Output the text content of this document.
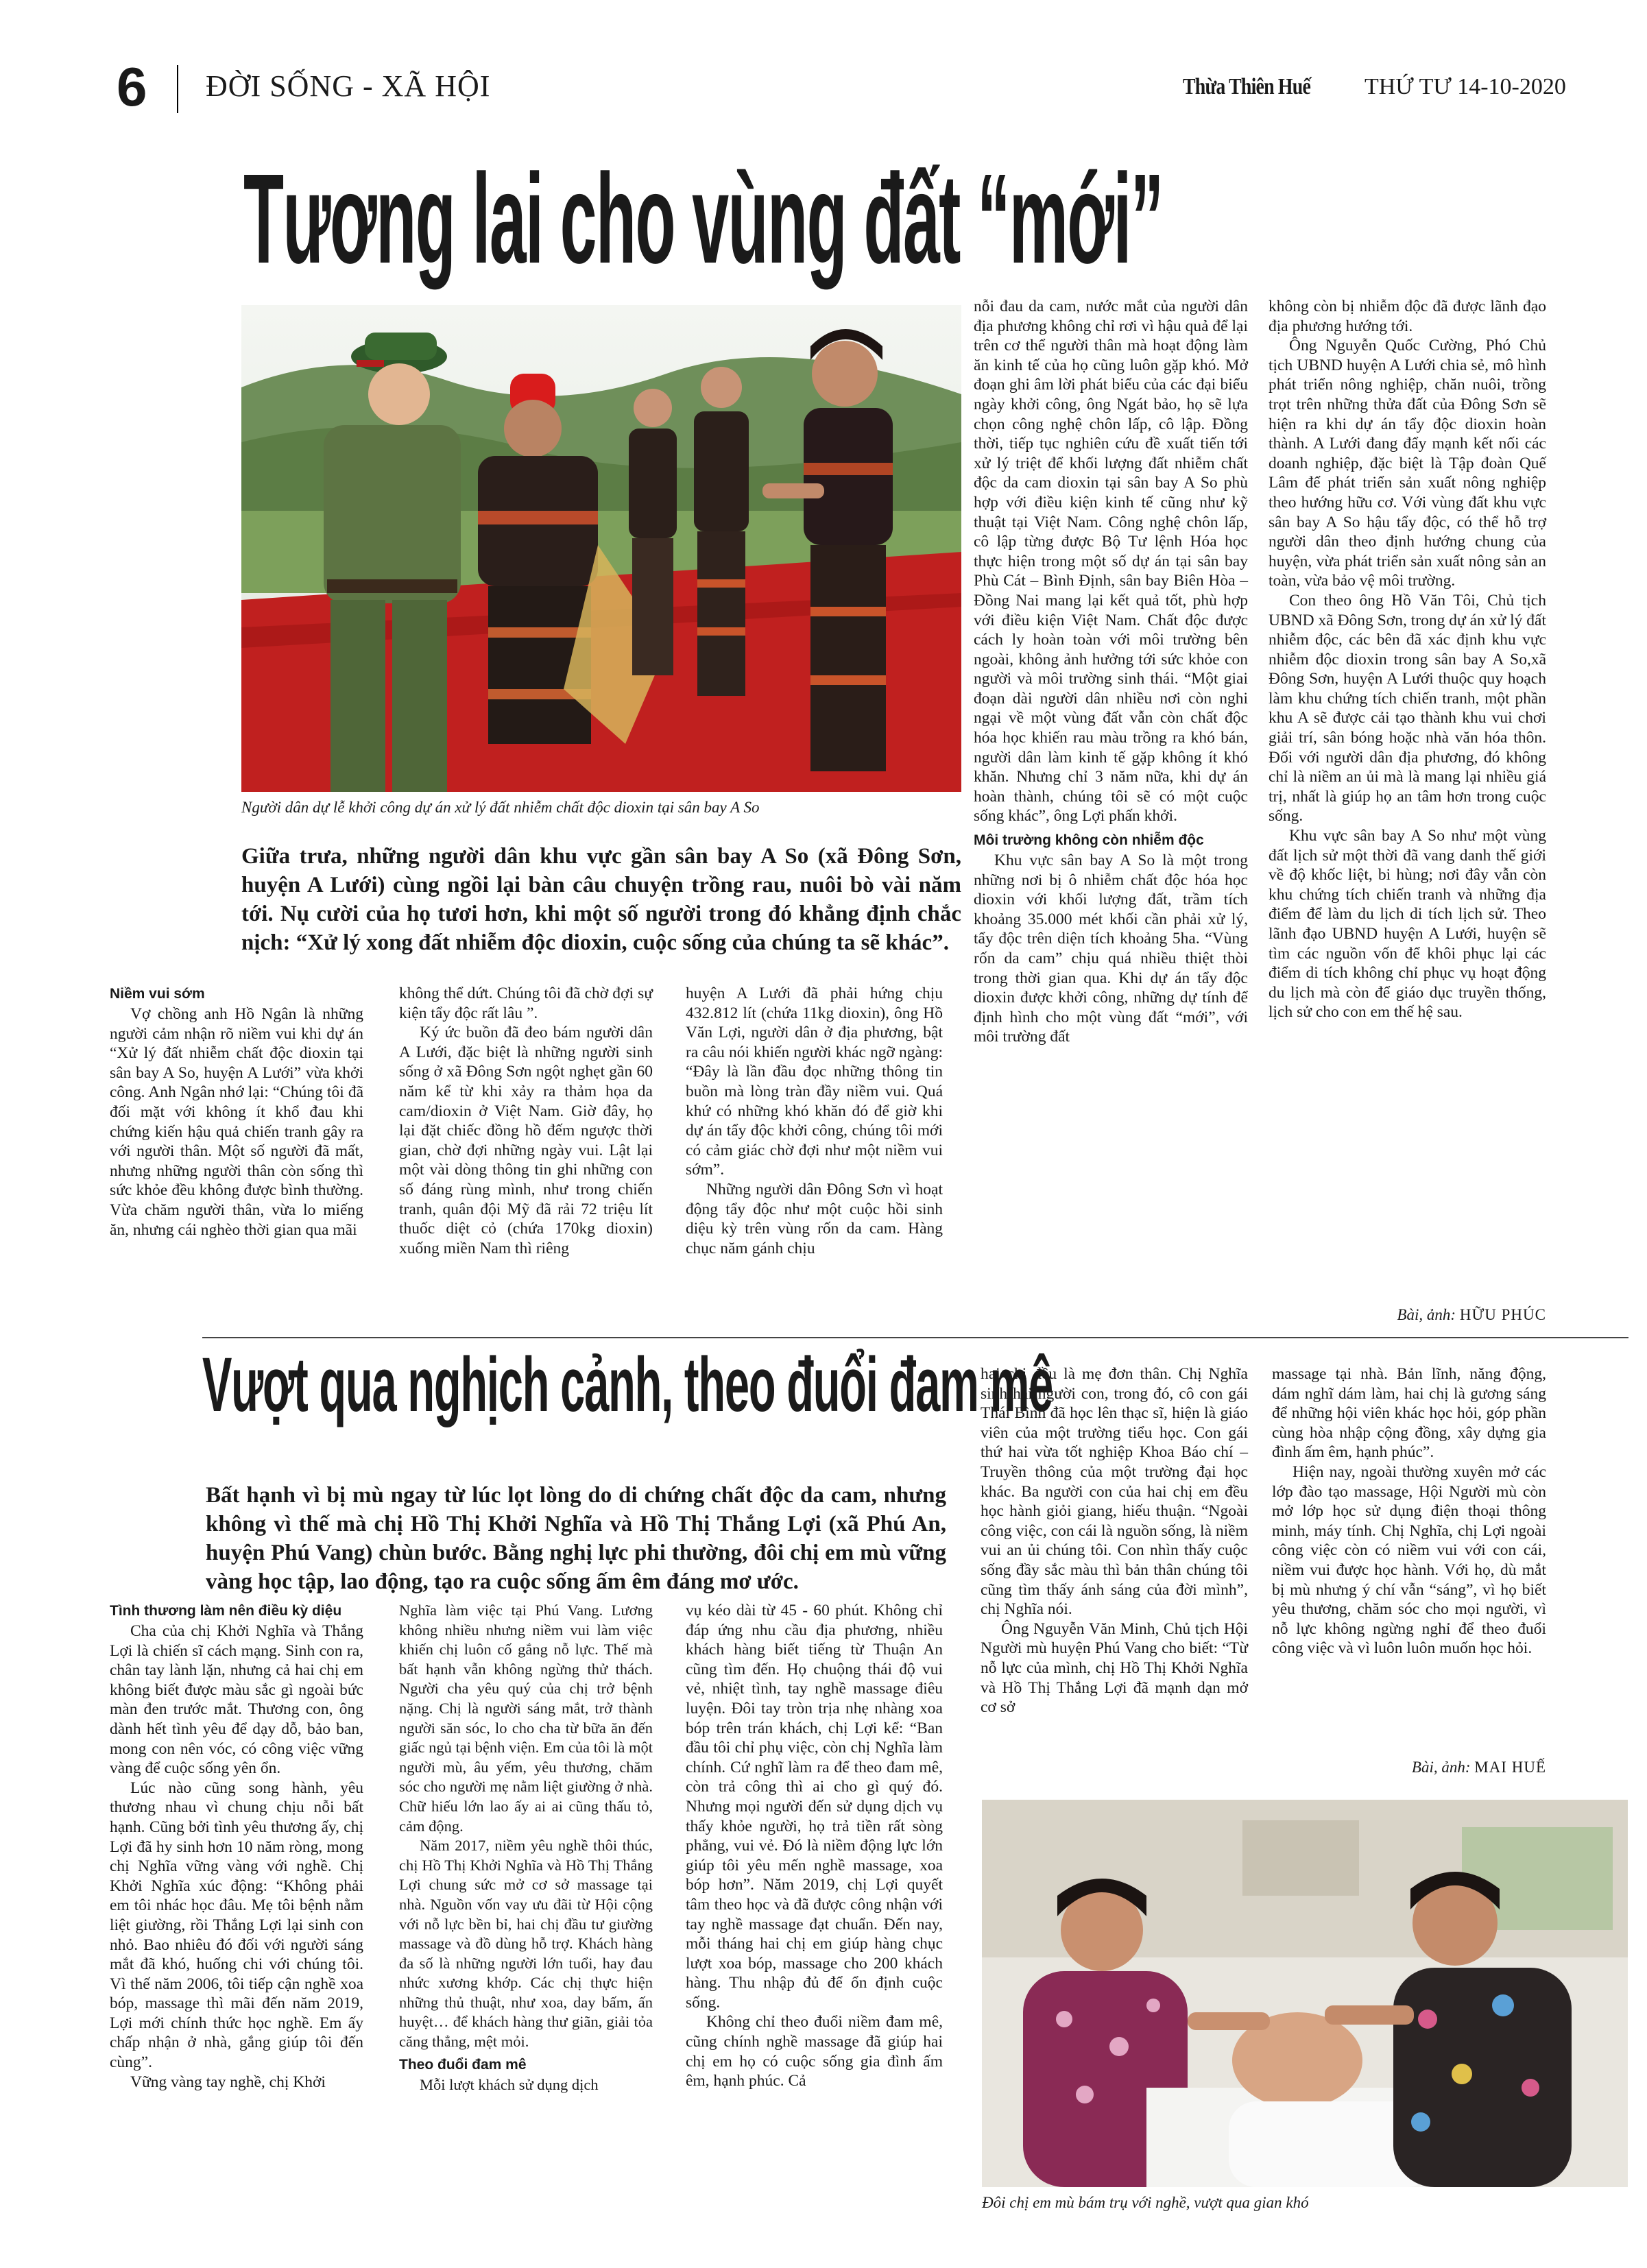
6 ĐỜI SỐNG - XÃ HỘI	Thừa Thiên Huế THỨ TƯ 14-10-2020
Tương lai cho vùng đất “mới”
Người dân dự lễ khởi công dự án xử lý đất nhiễm chất độc dioxin tại sân bay A So
Giữa trưa, những người dân khu vực gần sân bay A So (xã Đông Sơn, huyện A Lưới) cùng ngồi lại bàn câu chuyện trồng rau, nuôi bò vài năm tới. Nụ cười của họ tươi hơn, khi một số người trong đó khẳng định chắc nịch: “Xử lý xong đất nhiễm độc dioxin, cuộc sống của chúng ta sẽ khác”.

Niềm vui sớm

Vợ chồng anh Hồ Ngân là những người cảm nhận rõ niềm vui khi dự án “Xử lý đất nhiễm chất độc dioxin tại sân bay A So, huyện A Lưới” vừa khởi công. Anh Ngân nhớ lại: “Chúng tôi đã đối mặt với không ít khổ đau khi chứng kiến hậu quả chiến tranh gây ra với người thân. Một số người đã mất, nhưng những người thân còn sống thì sức khỏe đều không được bình thường. Vừa chăm người thân, vừa lo miếng ăn, nhưng cái nghèo thời gian qua mãi

không thể dứt. Chúng tôi đã chờ đợi sự kiện tẩy độc rất lâu ”.

Ký ức buồn đã đeo bám người dân A Lưới, đặc biệt là những người sinh sống ở xã Đông Sơn ngột nghẹt gần 60 năm kể từ khi xảy ra thảm họa da cam/dioxin ở Việt Nam. Giờ đây, họ lại đặt chiếc đồng hồ đếm ngược thời gian, chờ đợi những ngày vui. Lật lại một vài dòng thông tin ghi những con số đáng rùng mình, như trong chiến tranh, quân đội Mỹ đã rải 72 triệu lít thuốc diệt cỏ (chứa 170kg dioxin) xuống miền Nam thì riêng

huyện A Lưới đã phải hứng chịu 432.812 lít (chứa 11kg dioxin), ông Hồ Văn Lợi, người dân ở địa phương, bật ra câu nói khiến người khác ngỡ ngàng: “Đây là lần đầu đọc những thông tin buồn mà lòng tràn đầy niềm vui. Quá khứ có những khó khăn đó để giờ khi dự án tẩy độc khởi công, chúng tôi mới có cảm giác chờ đợi như một niềm vui sớm”.

Những người dân Đông Sơn vì hoạt động tẩy độc như một cuộc hồi sinh diệu kỳ trên vùng rốn da cam. Hàng chục năm gánh chịu

nỗi đau da cam, nước mắt của người dân địa phương không chỉ rơi vì hậu quả để lại trên cơ thể người thân mà hoạt động làm ăn kinh tế của họ cũng luôn gặp khó. Mở đoạn ghi âm lời phát biểu của các đại biểu ngày khởi công, ông Ngát bảo, họ sẽ lựa chọn công nghệ chôn lấp, cô lập. Đồng thời, tiếp tục nghiên cứu đề xuất tiến tới xử lý triệt để khối lượng đất nhiễm chất độc da cam dioxin tại sân bay A So phù hợp với điều kiện kinh tế cũng như kỹ thuật tại Việt Nam. Công nghệ chôn lấp, cô lập từng được Bộ Tư lệnh Hóa học thực hiện trong một số dự án tại sân bay Phù Cát – Bình Định, sân bay Biên Hòa – Đồng Nai mang lại kết quả tốt, phù hợp với điều kiện Việt Nam. Chất độc được cách ly hoàn toàn với môi trường bên ngoài, không ảnh hưởng tới sức khỏe con người và môi trường sinh thái. “Một giai đoạn dài người dân nhiều nơi còn nghi ngại về một vùng đất vẫn còn chất độc hóa học khiến rau màu trồng ra khó bán, người dân làm kinh tế gặp không ít khó khăn. Nhưng chỉ 3 năm nữa, khi dự án hoàn thành, chúng tôi sẽ có một cuộc sống khác”, ông Lợi phấn khởi.

Môi trường không còn nhiễm độc

Khu vực sân bay A So là một trong những nơi bị ô nhiễm chất độc hóa học dioxin với khối lượng đất, trầm tích khoảng 35.000 mét khối cần phải xử lý, tẩy độc trên diện tích khoảng 5ha. “Vùng rốn da cam” chịu quá nhiều thiệt thòi trong thời gian qua. Khi dự án tẩy độc dioxin được khởi công, những dự tính để định hình cho một vùng đất “mới”, với môi trường đất

không còn bị nhiễm độc đã được lãnh đạo địa phương hướng tới.

Ông Nguyễn Quốc Cường, Phó Chủ tịch UBND huyện A Lưới chia sẻ, mô hình phát triển nông nghiệp, chăn nuôi, trồng trọt trên những thửa đất của Đông Sơn sẽ hiện ra khi dự án tẩy độc dioxin hoàn thành. A Lưới đang đẩy mạnh kết nối các doanh nghiệp, đặc biệt là Tập đoàn Quế Lâm để phát triển sản xuất nông nghiệp theo hướng hữu cơ. Với vùng đất khu vực sân bay A So hậu tẩy độc, có thể hỗ trợ người dân theo định hướng chung của huyện, vừa phát triển sản xuất nông sản an toàn, vừa bảo vệ môi trường.

Con theo ông Hồ Văn Tôi, Chủ tịch UBND xã Đông Sơn, trong dự án xử lý đất nhiễm độc, các bên đã xác định khu vực nhiễm độc dioxin trong sân bay A So,xã Đông Sơn, huyện A Lưới thuộc quy hoạch làm khu chứng tích chiến tranh, một phần khu A sẽ được cải tạo thành khu vui chơi giải trí, sân bóng hoặc nhà văn hóa thôn. Đối với người dân địa phương, đó không chỉ là niềm an ủi mà là mang lại nhiều giá trị, nhất là giúp họ an tâm hơn trong cuộc sống.

Khu vực sân bay A So như một vùng đất lịch sử một thời đã vang danh thế giới về độ khốc liệt, bi hùng; nơi đây vẫn còn khu chứng tích chiến tranh và những địa điểm để làm du lịch di tích lịch sử. Theo lãnh đạo UBND huyện A Lưới, huyện sẽ tìm các nguồn vốn để khôi phục lại các điểm di tích không chỉ phục vụ hoạt động du lịch mà còn để giáo dục truyền thống, lịch sử cho con em thế hệ sau.

Bài, ảnh: HỮU PHÚC
Vượt qua nghịch cảnh, theo đuổi đam mê
Bất hạnh vì bị mù ngay từ lúc lọt lòng do di chứng chất độc da cam, nhưng không vì thế mà chị Hồ Thị Khởi Nghĩa và Hồ Thị Thắng Lợi (xã Phú An, huyện Phú Vang) chùn bước. Bằng nghị lực phi thường, đôi chị em mù vững vàng học tập, lao động, tạo ra cuộc sống ấm êm đáng mơ ước.

Tình thương làm nên điều kỳ diệu

Cha của chị Khởi Nghĩa và Thắng Lợi là chiến sĩ cách mạng. Sinh con ra, chân tay lành lặn, nhưng cả hai chị em không biết được màu sắc gì ngoài bức màn đen trước mắt. Thương con, ông dành hết tình yêu để dạy dỗ, bảo ban, mong con nên vóc, có công việc vững vàng để cuộc sống yên ổn.

Lúc nào cũng song hành, yêu thương nhau vì chung chịu nỗi bất hạnh. Cũng bởi tình yêu thương ấy, chị Lợi đã hy sinh hơn 10 năm ròng, mong chị Nghĩa vững vàng với nghề. Chị Khởi Nghĩa xúc động: “Không phải em tôi nhác học đâu. Mẹ tôi bệnh nằm liệt giường, rồi Thắng Lợi lại sinh con nhỏ. Bao nhiêu đó đối với người sáng mắt đã khó, huống chi với chúng tôi. Vì thế năm 2006, tôi tiếp cận nghề xoa bóp, massage thì mãi đến năm 2019, Lợi mới chính thức học nghề. Em ấy chấp nhận ở nhà, gắng giúp tôi đến cùng”.

Vững vàng tay nghề, chị Khởi

Nghĩa làm việc tại Phú Vang. Lương không nhiều nhưng niềm vui làm việc khiến chị luôn cố gắng nỗ lực. Thế mà bất hạnh vẫn không ngừng thử thách. Người cha yêu quý của chị trở bệnh nặng. Chị là người sáng mắt, trở thành người săn sóc, lo cho cha từ bữa ăn đến giấc ngủ tại bệnh viện. Em của tôi là một người mù, âu yếm, yêu thương, chăm sóc cho người mẹ nằm liệt giường ở nhà. Chữ hiếu lớn lao ấy ai ai cũng thấu tỏ, cảm động.

Năm 2017, niềm yêu nghề thôi thúc, chị Hồ Thị Khởi Nghĩa và Hồ Thị Thắng Lợi chung sức mở cơ sở massage tại nhà. Nguồn vốn vay ưu đãi từ Hội cộng với nỗ lực bền bỉ, hai chị đầu tư giường massage và đồ dùng hỗ trợ. Khách hàng đa số là những người lớn tuổi, hay đau nhức xương khớp. Các chị thực hiện những thủ thuật, như xoa, day bấm, ấn huyệt… để khách hàng thư giãn, giải tỏa căng thẳng, mệt mỏi.

Theo đuổi đam mê

Mỗi lượt khách sử dụng dịch

vụ kéo dài từ 45 - 60 phút. Không chỉ đáp ứng nhu cầu địa phương, nhiều khách hàng biết tiếng từ Thuận An cũng tìm đến. Họ chuộng thái độ vui vẻ, nhiệt tình, tay nghề massage điêu luyện. Đôi tay tròn trịa nhẹ nhàng xoa bóp trên trán khách, chị Lợi kể: “Ban đầu tôi chỉ phụ việc, còn chị Nghĩa làm chính. Cứ nghĩ làm ra để theo đam mê, còn trả công thì ai cho gì quý đó. Nhưng mọi người đến sử dụng dịch vụ thấy khỏe người, họ trả tiền rất sòng phẳng, vui vẻ. Đó là niềm động lực lớn giúp tôi yêu mến nghề massage, xoa bóp hơn”. Năm 2019, chị Lợi quyết tâm theo học và đã được công nhận với tay nghề massage đạt chuẩn. Đến nay, mỗi tháng hai chị em giúp hàng chục lượt xoa bóp, massage cho 200 khách hàng. Thu nhập đủ để ổn định cuộc sống.

Không chỉ theo đuổi niềm đam mê, cũng chính nghề massage đã giúp hai chị em họ có cuộc sống gia đình ấm êm, hạnh phúc. Cả

hai chị đều là mẹ đơn thân. Chị Nghĩa sinh hai người con, trong đó, cô con gái Thái Bình đã học lên thạc sĩ, hiện là giáo viên của một trường tiểu học. Con gái thứ hai vừa tốt nghiệp Khoa Báo chí – Truyền thông của một trường đại học khác. Ba người con của hai chị em đều học hành giỏi giang, hiếu thuận. “Ngoài công việc, con cái là nguồn sống, là niềm vui an ủi chúng tôi. Con nhìn thấy cuộc sống đầy sắc màu thì bản thân chúng tôi cũng tìm thấy ánh sáng của đời mình”, chị Nghĩa nói.

Ông Nguyễn Văn Minh, Chủ tịch Hội Người mù huyện Phú Vang cho biết: “Từ nỗ lực của mình, chị Hồ Thị Khởi Nghĩa và Hồ Thị Thắng Lợi đã mạnh dạn mở cơ sở

massage tại nhà. Bản lĩnh, năng động, dám nghĩ dám làm, hai chị là gương sáng để những hội viên khác học hỏi, góp phần cùng hòa nhập cộng đồng, xây dựng gia đình ấm êm, hạnh phúc”.

Hiện nay, ngoài thường xuyên mở các lớp đào tạo massage, Hội Người mù còn mở lớp học sử dụng điện thoại thông minh, máy tính. Chị Nghĩa, chị Lợi ngoài công việc còn có niềm vui với con cái, niềm vui được học hành. Với họ, dù mắt bị mù nhưng ý chí vẫn “sáng”, vì họ biết yêu thương, chăm sóc cho mọi người, vì nỗ lực không ngừng nghỉ để theo đuổi công việc và vì luôn luôn muốn học hỏi.

Bài, ảnh: MAI HUẾ
Đôi chị em mù bám trụ với nghề, vượt qua gian khó
